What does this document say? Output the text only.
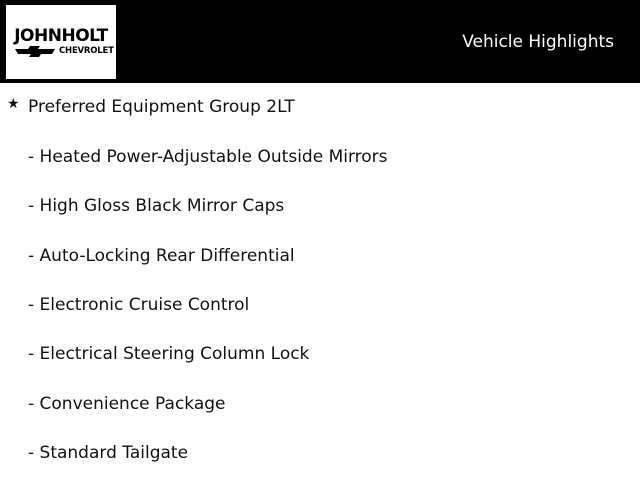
JOHNHOLT
CHEVROLET	Vehicle Highlights
★ Preferred Equipment Group 2LT
- Heated Power-Adjustable Outside Mirrors
- High Gloss Black Mirror Caps
- Auto-Locking Rear Differential
- Electronic Cruise Control
- Electrical Steering Column Lock
- Convenience Package
- Standard Tailgate
